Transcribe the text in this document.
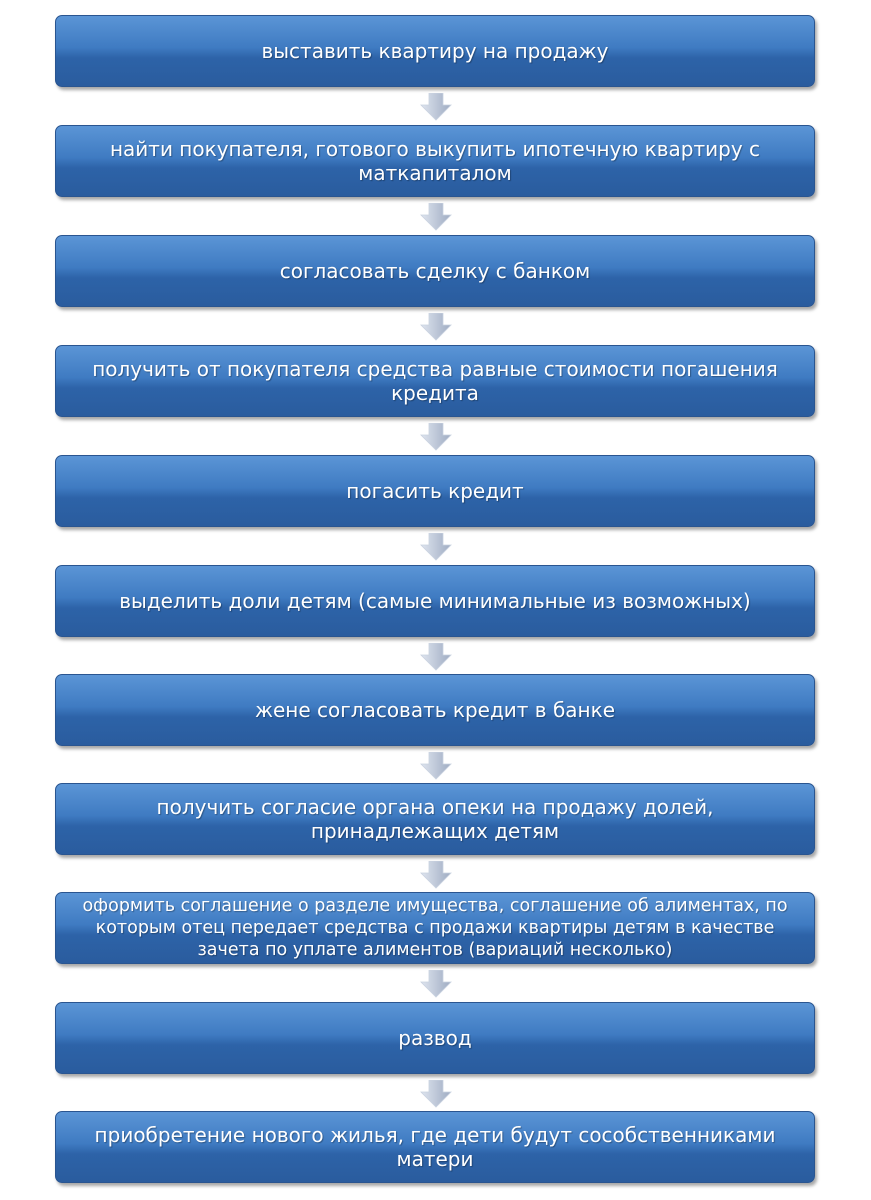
выставить квартиру на продажу
найти покупателя, готового выкупить ипотечную квартиру с маткапиталом
согласовать сделку с банком
получить от покупателя средства равные стоимости погашения кредита
погасить кредит
выделить доли детям (самые минимальные из возможных)
жене согласовать кредит в банке
получить согласие органа опеки на продажу долей, принадлежащих детям
оформить соглашение о разделе имущества, соглашение об алиментах, по которым отец передает средства с продажи квартиры детям в качестве зачета по уплате алиментов (вариаций несколько)
развод
приобретение нового жилья, где дети будут сособственниками матери
